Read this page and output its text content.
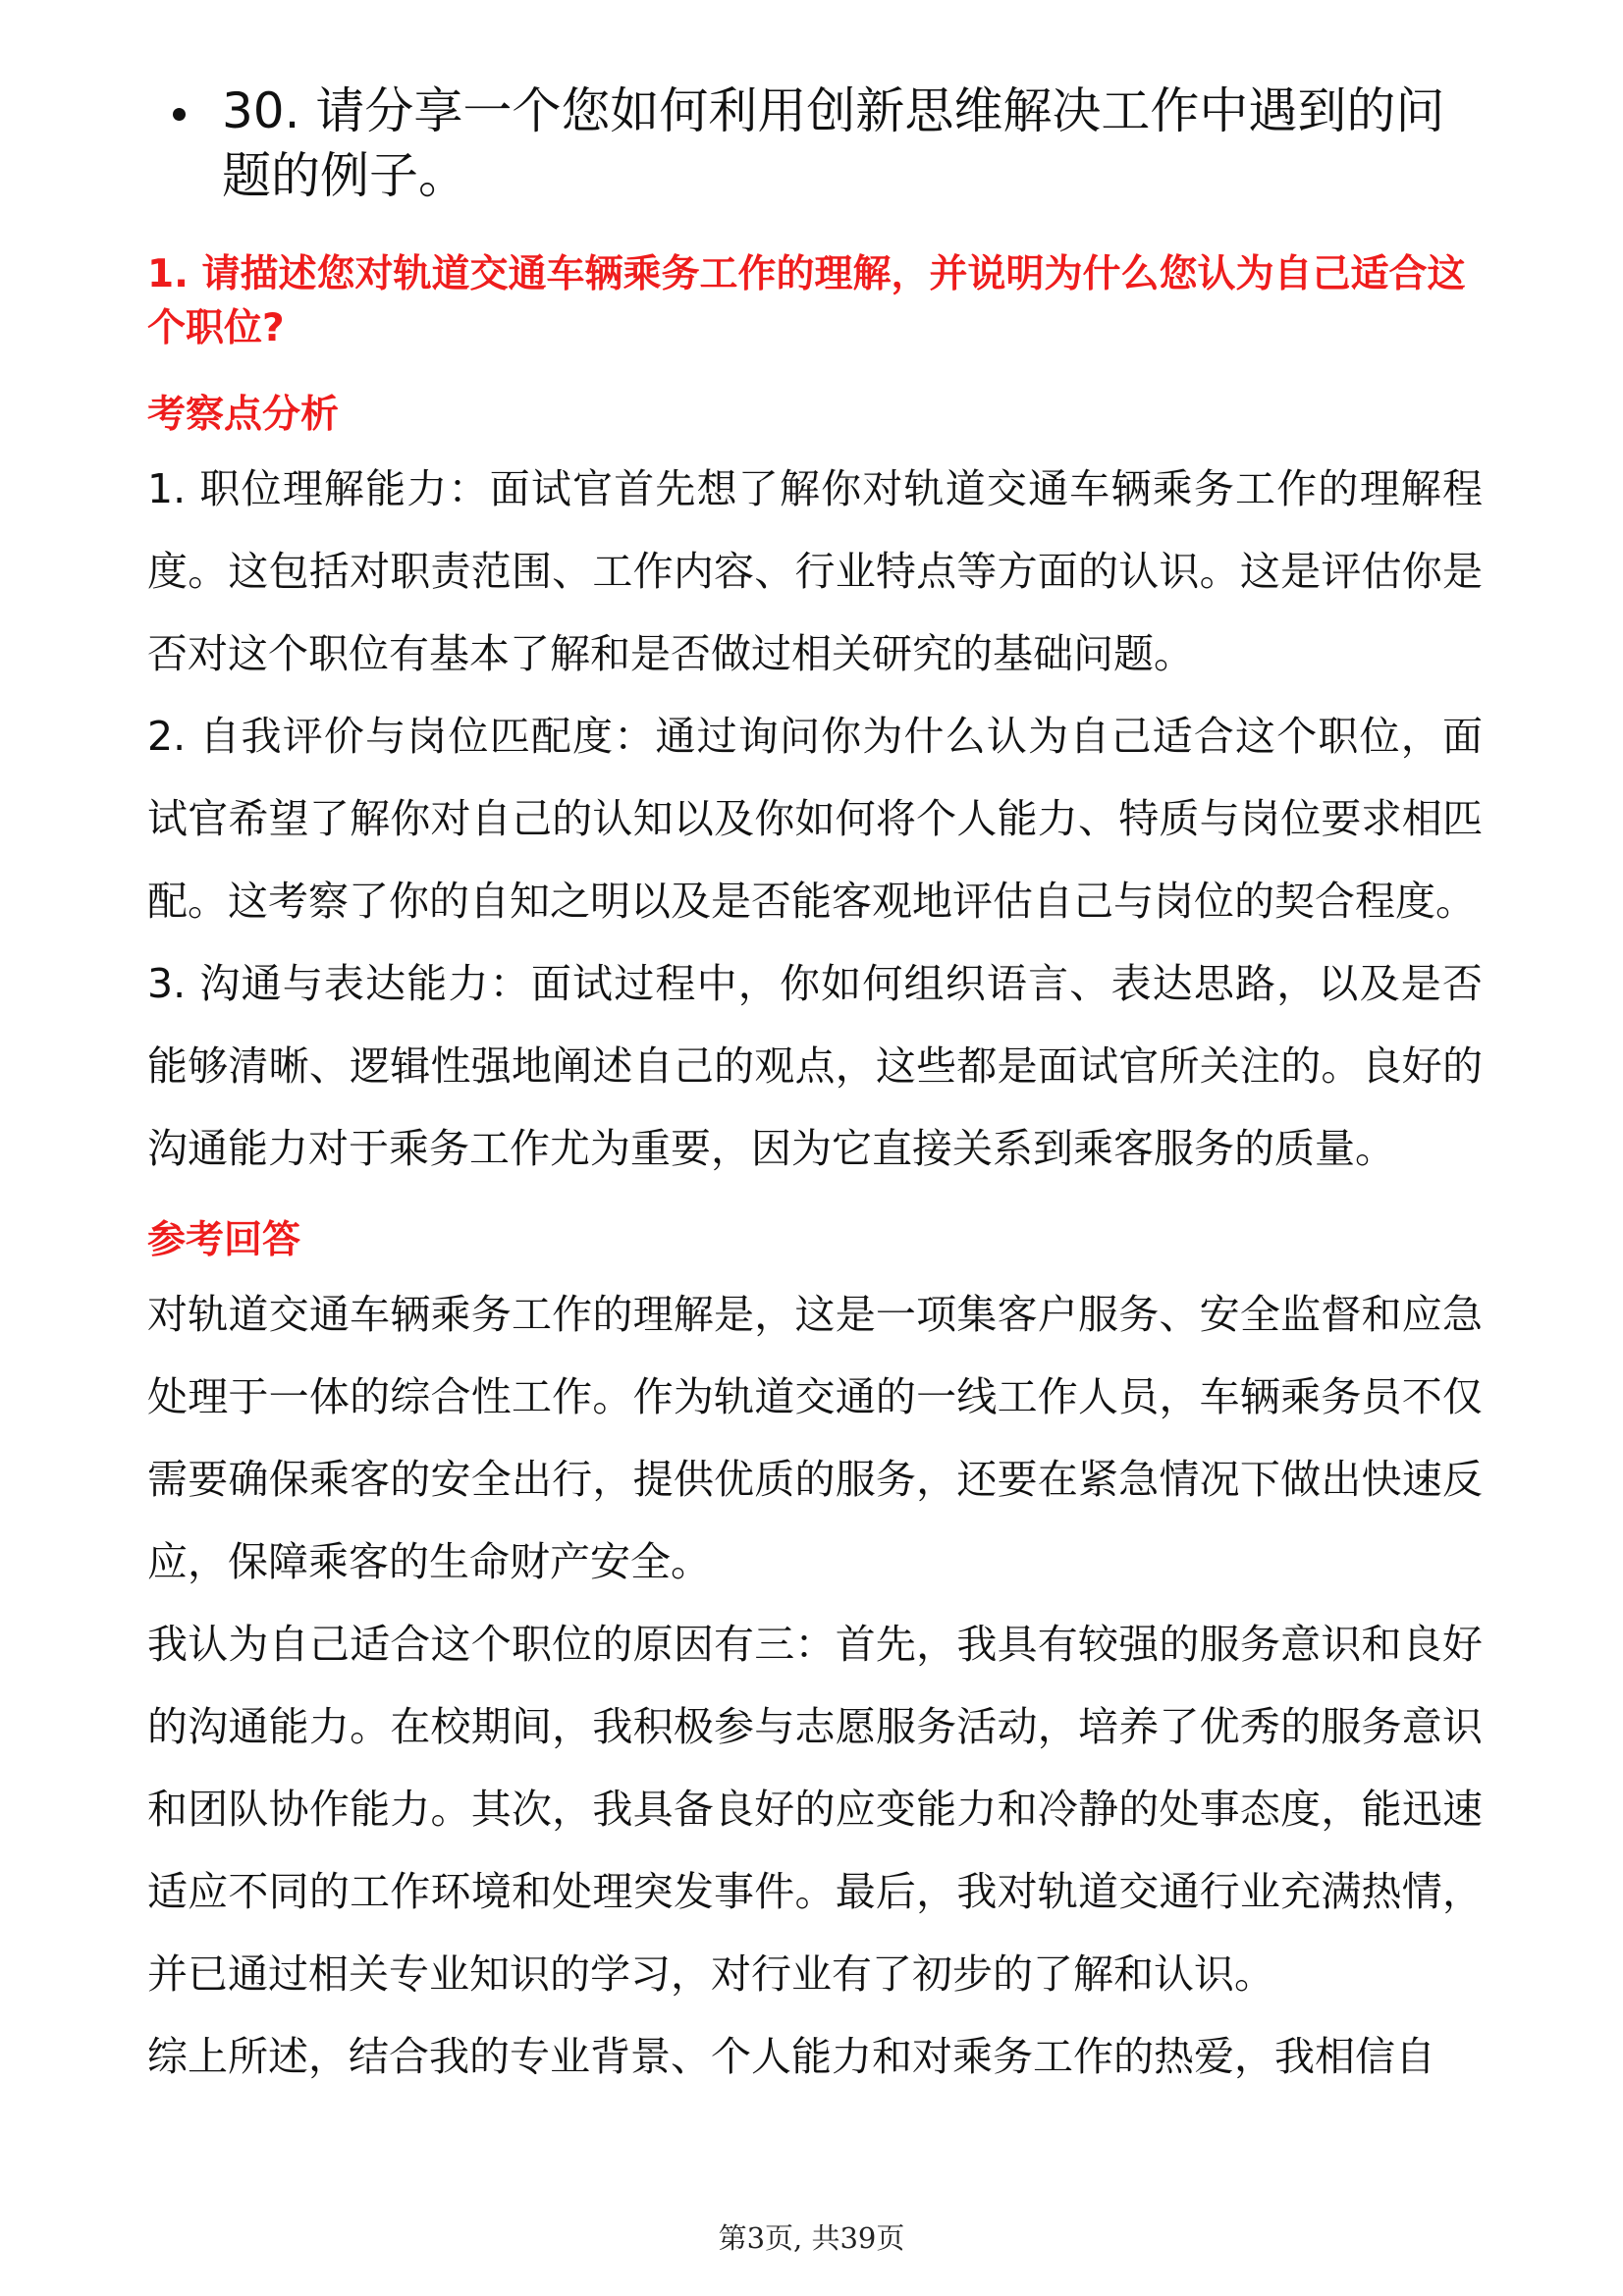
30. 请分享一个您如何利用创新思维解决工作中遇到的问题的例子。
1. 请描述您对轨道交通车辆乘务工作的理解，并说明为什么您认为自己适合这个职位?
考察点分析

1. 职位理解能力：面试官首先想了解你对轨道交通车辆乘务工作的理解程度。这包括对职责范围、工作内容、行业特点等方面的认识。这是评估你是否对这个职位有基本了解和是否做过相关研究的基础问题。

2. 自我评价与岗位匹配度：通过询问你为什么认为自己适合这个职位，面试官希望了解你对自己的认知以及你如何将个人能力、特质与岗位要求相匹配。这考察了你的自知之明以及是否能客观地评估自己与岗位的契合程度。

3. 沟通与表达能力：面试过程中，你如何组织语言、表达思路，以及是否能够清晰、逻辑性强地阐述自己的观点，这些都是面试官所关注的。良好的沟通能力对于乘务工作尤为重要，因为它直接关系到乘客服务的质量。

参考回答

对轨道交通车辆乘务工作的理解是，这是一项集客户服务、安全监督和应急处理于一体的综合性工作。作为轨道交通的一线工作人员，车辆乘务员不仅需要确保乘客的安全出行，提供优质的服务，还要在紧急情况下做出快速反应，保障乘客的生命财产安全。

我认为自己适合这个职位的原因有三：首先，我具有较强的服务意识和良好的沟通能力。在校期间，我积极参与志愿服务活动，培养了优秀的服务意识和团队协作能力。其次，我具备良好的应变能力和冷静的处事态度，能迅速适应不同的工作环境和处理突发事件。最后，我对轨道交通行业充满热情，并已通过相关专业知识的学习，对行业有了初步的了解和认识。

综上所述，结合我的专业背景、个人能力和对乘务工作的热爱，我相信自

第3页, 共39页
